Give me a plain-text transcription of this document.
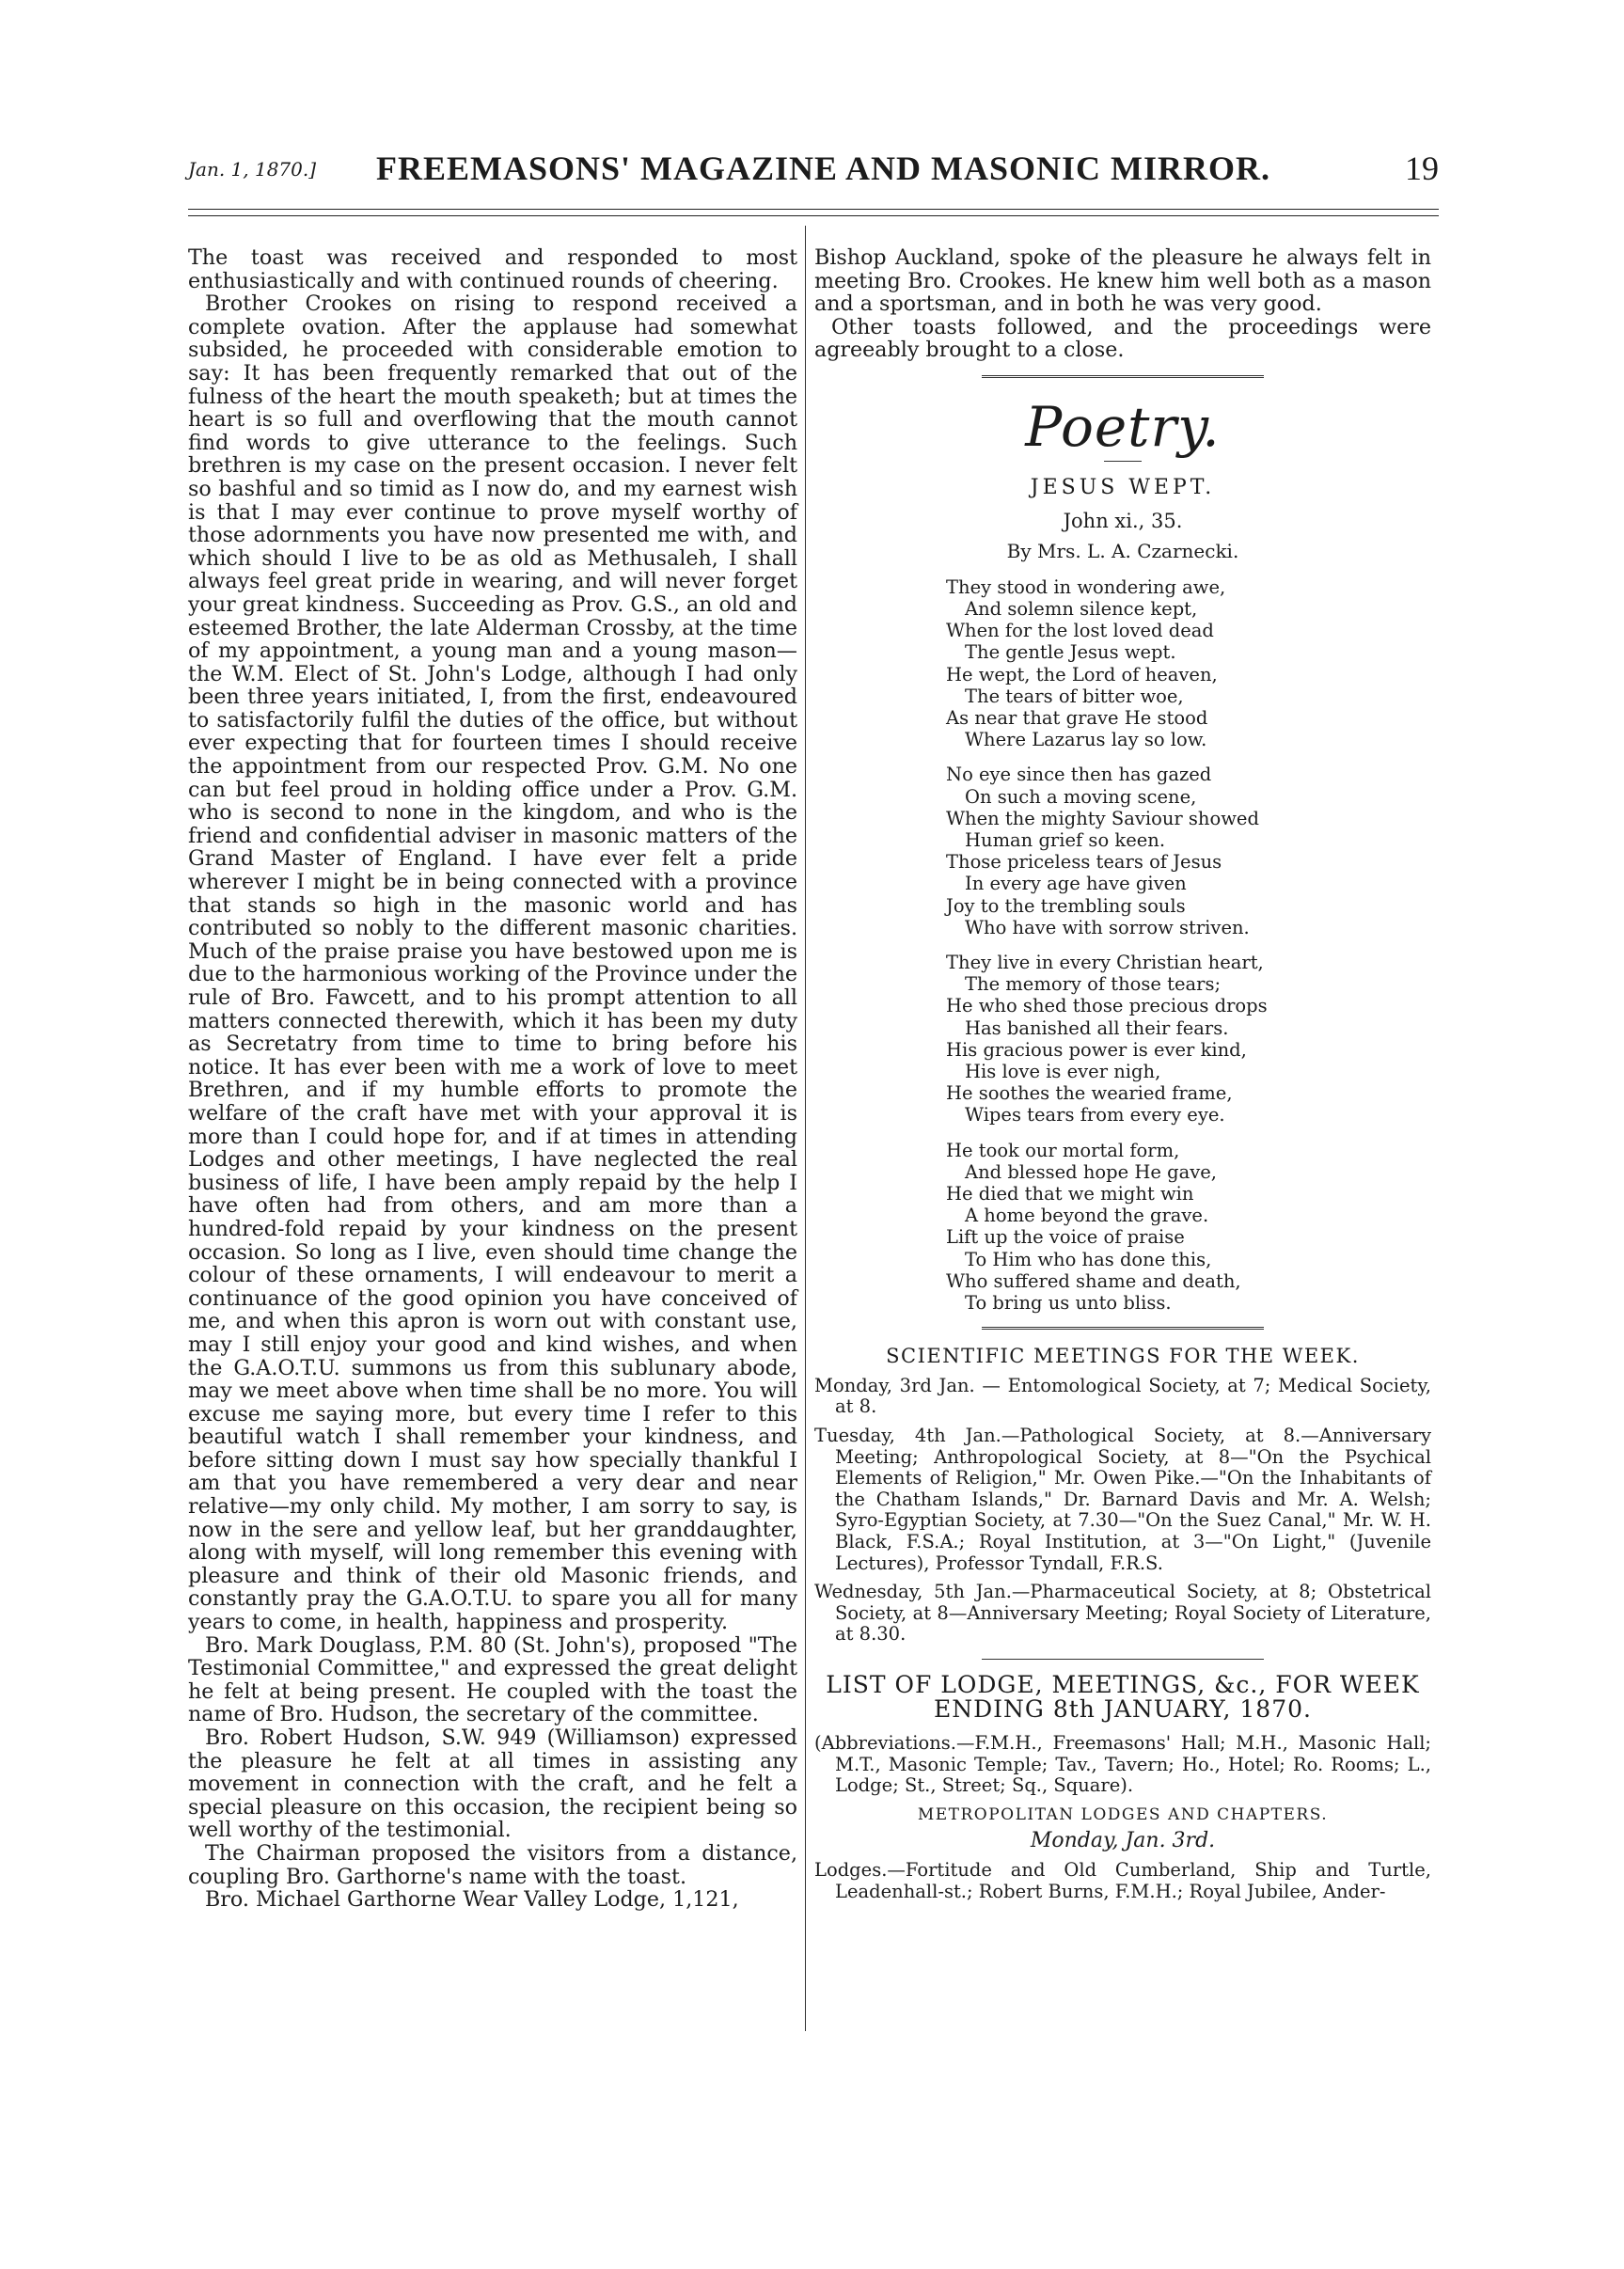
Jan. 1, 1870.] FREEMASONS' MAGAZINE AND MASONIC MIRROR.	19

The toast was received and responded to most enthusiastically and with continued rounds of cheering.

Brother Crookes on rising to respond received a complete ovation. After the applause had somewhat subsided, he proceeded with considerable emotion to say: It has been frequently remarked that out of the fulness of the heart the mouth speaketh; but at times the heart is so full and overflowing that the mouth cannot find words to give utterance to the feelings. Such brethren is my case on the present occasion. I never felt so bashful and so timid as I now do, and my earnest wish is that I may ever continue to prove myself worthy of those adornments you have now presented me with, and which should I live to be as old as Methusaleh, I shall always feel great pride in wearing, and will never forget your great kindness. Succeeding as Prov. G.S., an old and esteemed Brother, the late Alderman Crossby, at the time of my appointment, a young man and a young mason—the W.M. Elect of St. John's Lodge, although I had only been three years initiated, I, from the first, endeavoured to satisfactorily fulfil the duties of the office, but without ever expecting that for fourteen times I should receive the appointment from our respected Prov. G.M. No one can but feel proud in holding office under a Prov. G.M. who is second to none in the kingdom, and who is the friend and confidential adviser in masonic matters of the Grand Master of England. I have ever felt a pride wherever I might be in being connected with a province that stands so high in the masonic world and has contributed so nobly to the different masonic charities. Much of the praise praise you have bestowed upon me is due to the harmonious working of the Province under the rule of Bro. Fawcett, and to his prompt attention to all matters connected therewith, which it has been my duty as Secretatry from time to time to bring before his notice. It has ever been with me a work of love to meet Brethren, and if my humble efforts to promote the welfare of the craft have met with your approval it is more than I could hope for, and if at times in attending Lodges and other meetings, I have neglected the real business of life, I have been amply repaid by the help I have often had from others, and am more than a hundred-fold repaid by your kindness on the present occasion. So long as I live, even should time change the colour of these ornaments, I will endeavour to merit a continuance of the good opinion you have conceived of me, and when this apron is worn out with constant use, may I still enjoy your good and kind wishes, and when the G.A.O.T.U. summons us from this sublunary abode, may we meet above when time shall be no more. You will excuse me saying more, but every time I refer to this beautiful watch I shall remember your kindness, and before sitting down I must say how specially thankful I am that you have remembered a very dear and near relative—my only child. My mother, I am sorry to say, is now in the sere and yellow leaf, but her granddaughter, along with myself, will long remember this evening with pleasure and think of their old Masonic friends, and constantly pray the G.A.O.T.U. to spare you all for many years to come, in health, happiness and prosperity.

Bro. Mark Douglass, P.M. 80 (St. John's), proposed "The Testimonial Committee," and expressed the great delight he felt at being present. He coupled with the toast the name of Bro. Hudson, the secretary of the committee.

Bro. Robert Hudson, S.W. 949 (Williamson) expressed the pleasure he felt at all times in assisting any movement in connection with the craft, and he felt a special pleasure on this occasion, the recipient being so well worthy of the testimonial.

The Chairman proposed the visitors from a distance, coupling Bro. Garthorne's name with the toast.

Bro. Michael Garthorne Wear Valley Lodge, 1,121,

Bishop Auckland, spoke of the pleasure he always felt in meeting Bro. Crookes. He knew him well both as a mason and a sportsman, and in both he was very good.

Other toasts followed, and the proceedings were agreeably brought to a close.

Poetry.
JESUS WEPT.
John xi., 35.
By Mrs. L. A. Czarnecki.
They stood in wondering awe,
And solemn silence kept,
When for the lost loved dead
The gentle Jesus wept.
He wept, the Lord of heaven,
The tears of bitter woe,
As near that grave He stood
Where Lazarus lay so low.
No eye since then has gazed
On such a moving scene,
When the mighty Saviour showed
Human grief so keen.
Those priceless tears of Jesus
In every age have given
Joy to the trembling souls
Who have with sorrow striven.
They live in every Christian heart,
The memory of those tears;
He who shed those precious drops
Has banished all their fears.
His gracious power is ever kind,
His love is ever nigh,
He soothes the wearied frame,
Wipes tears from every eye.
He took our mortal form,
And blessed hope He gave,
He died that we might win
A home beyond the grave.
Lift up the voice of praise
To Him who has done this,
Who suffered shame and death,
To bring us unto bliss.
SCIENTIFIC MEETINGS FOR THE WEEK.

Monday, 3rd Jan. — Entomological Society, at 7; Medical Society, at 8.

Tuesday, 4th Jan.—Pathological Society, at 8.—Anniversary Meeting; Anthropological Society, at 8—"On the Psychical Elements of Religion," Mr. Owen Pike.—"On the Inhabitants of the Chatham Islands," Dr. Barnard Davis and Mr. A. Welsh; Syro-Egyptian Society, at 7.30—"On the Suez Canal," Mr. W. H. Black, F.S.A.; Royal Institution, at 3—"On Light," (Juvenile Lectures), Professor Tyndall, F.R.S.

Wednesday, 5th Jan.—Pharmaceutical Society, at 8; Obstetrical Society, at 8—Anniversary Meeting; Royal Society of Literature, at 8.30.

LIST OF LODGE, MEETINGS, &c., FOR WEEK
ENDING 8th JANUARY, 1870.

(Abbreviations.—F.M.H., Freemasons' Hall; M.H., Masonic Hall; M.T., Masonic Temple; Tav., Tavern; Ho., Hotel; Ro. Rooms; L., Lodge; St., Street; Sq., Square).

METROPOLITAN LODGES AND CHAPTERS.
Monday, Jan. 3rd.

Lodges.—Fortitude and Old Cumberland, Ship and Turtle, Leadenhall-st.; Robert Burns, F.M.H.; Royal Jubilee, Ander-
